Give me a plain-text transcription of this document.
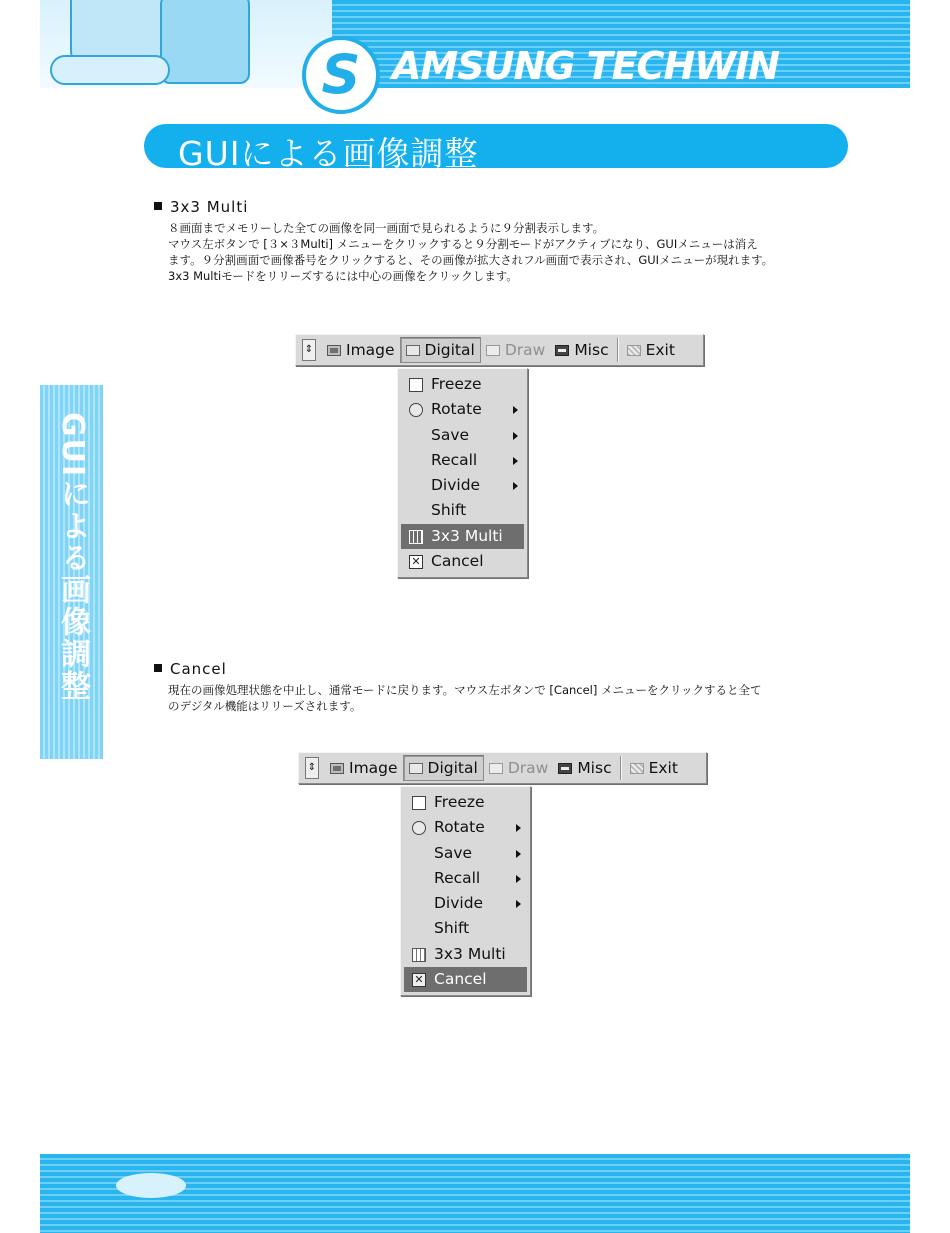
S AMSUNG TECHWIN
GUIによる画像調整
GUIによる画像調整
3x3 Multi

８画面までメモリーした全ての画像を同一画面で見られるように９分割表示します。

マウス左ボタンで [３×３Multi] メニューをクリックすると９分割モードがアクティブになり、GUIメニューは消え

ます。９分割画面で画像番号をクリックすると、その画像が拡大されフル画面で表示され、GUIメニューが現れます。

3x3 Multiモードをリリーズするには中心の画像をクリックします。

⇕ Image Digital Draw Misc Exit
Freeze
Rotate
Save
Recall
Divide
Shift
3x3 Multi
✕ Cancel
Cancel

現在の画像処理状態を中止し、通常モードに戻ります。マウス左ボタンで [Cancel] メニューをクリックすると全て

のデジタル機能はリリーズされます。

⇕ Image Digital Draw Misc Exit
Freeze
Rotate
Save
Recall
Divide
Shift
3x3 Multi
✕ Cancel
